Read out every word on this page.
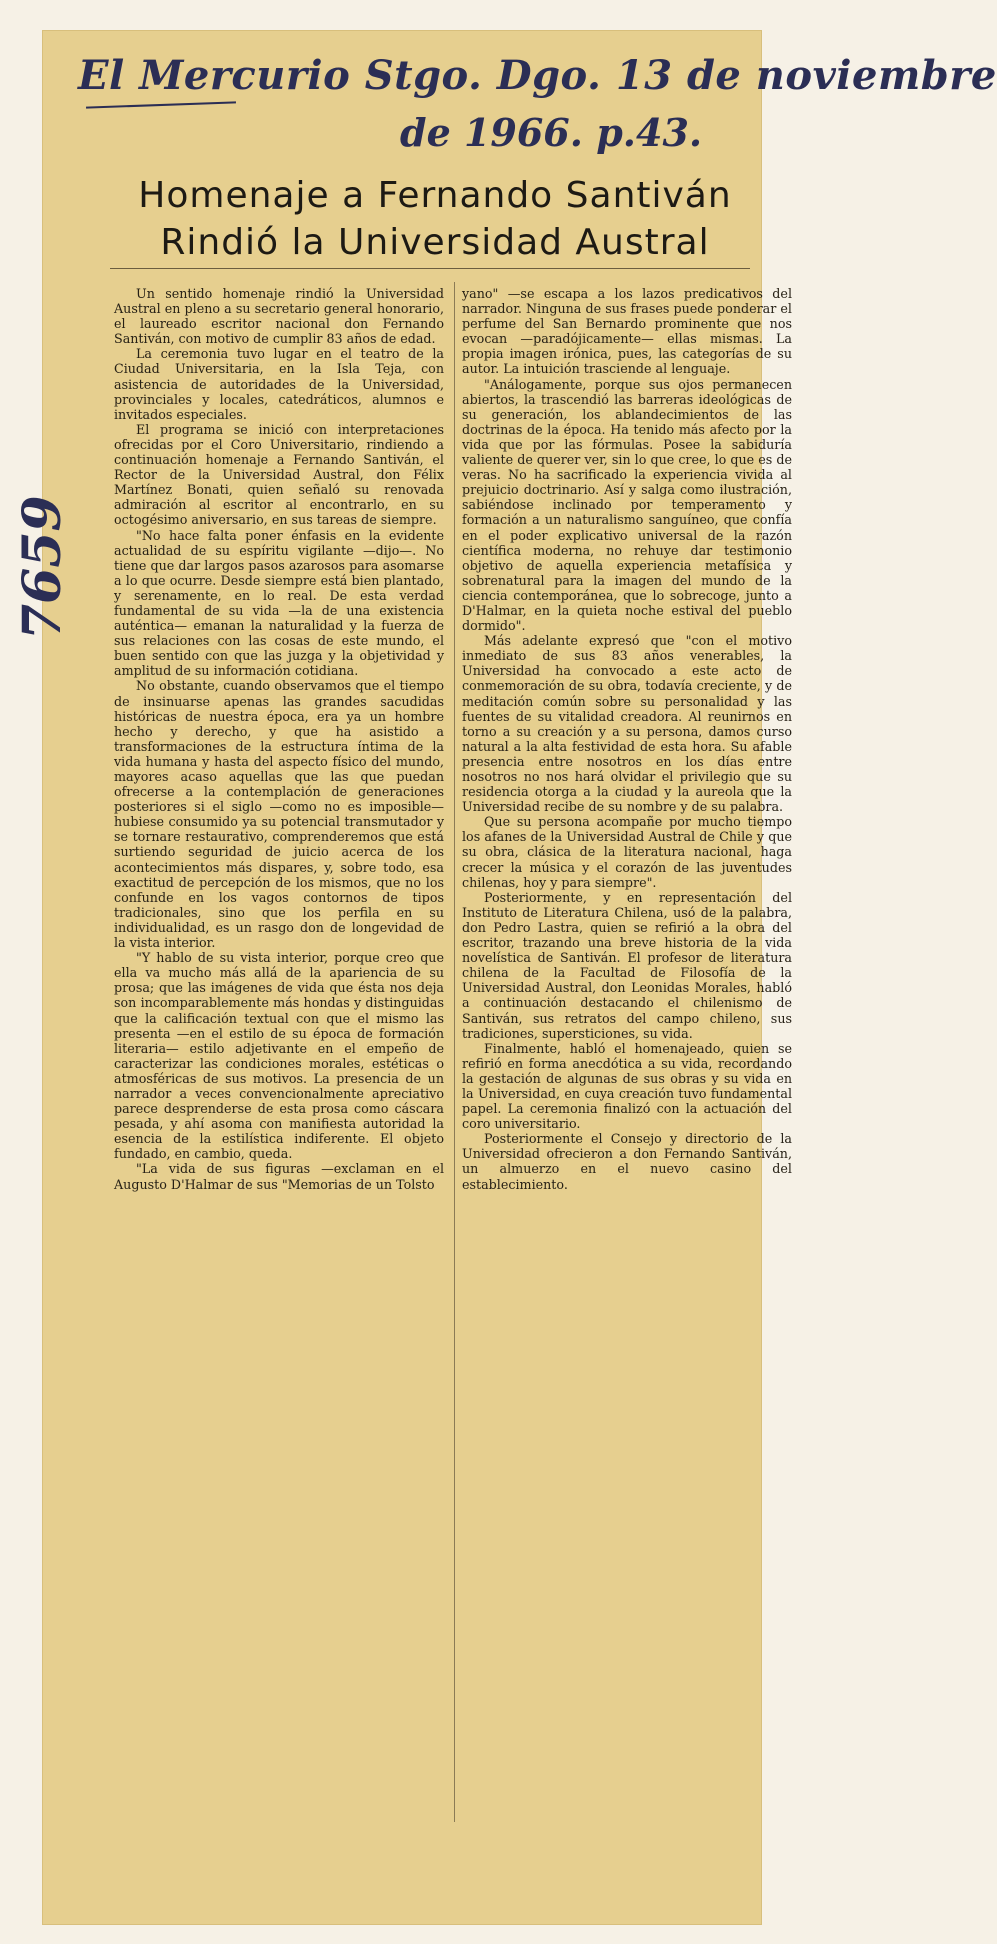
El Mercurio Stgo. Dgo. 13 de noviembre
de 1966. p.43.
7659
Homenaje a Fernando Santiván
Rindió la Universidad Austral

Un sentido homenaje rindió la Universidad Austral en pleno a su secretario general honorario, el laureado escritor nacional don Fernando Santiván, con motivo de cumplir 83 años de edad.

La ceremonia tuvo lugar en el teatro de la Ciudad Universitaria, en la Isla Teja, con asistencia de autoridades de la Universidad, provinciales y locales, catedráticos, alumnos e invitados especiales.

El programa se inició con interpretaciones ofrecidas por el Coro Universitario, rindiendo a continuación homenaje a Fernando Santiván, el Rector de la Universidad Austral, don Félix Martínez Bonati, quien señaló su renovada admiración al escritor al encontrarlo, en su octogésimo aniversario, en sus tareas de siempre.

"No hace falta poner énfasis en la evidente actualidad de su espíritu vigilante —dijo—. No tiene que dar largos pasos azarosos para asomarse a lo que ocurre. Desde siempre está bien plantado, y serenamente, en lo real. De esta verdad fundamental de su vida —la de una existencia auténtica— emanan la naturalidad y la fuerza de sus relaciones con las cosas de este mundo, el buen sentido con que las juzga y la objetividad y amplitud de su información cotidiana.

No obstante, cuando observamos que el tiempo de insinuarse apenas las grandes sacudidas históricas de nuestra época, era ya un hombre hecho y derecho, y que ha asistido a transformaciones de la estructura íntima de la vida humana y hasta del aspecto físico del mundo, mayores acaso aquellas que las que puedan ofrecerse a la contemplación de generaciones posteriores si el siglo —como no es imposible— hubiese consumido ya su potencial transmutador y se tornare restaurativo, comprenderemos que está surtiendo seguridad de juicio acerca de los acontecimientos más dispares, y, sobre todo, esa exactitud de percepción de los mismos, que no los confunde en los vagos contornos de tipos tradicionales, sino que los perfila en su individualidad, es un rasgo don de longevidad de la vista interior.

"Y hablo de su vista interior, porque creo que ella va mucho más allá de la apariencia de su prosa; que las imágenes de vida que ésta nos deja son incomparablemente más hondas y distinguidas que la calificación textual con que el mismo las presenta —en el estilo de su época de formación literaria— estilo adjetivante en el empeño de caracterizar las condiciones morales, estéticas o atmosféricas de sus motivos. La presencia de un narrador a veces convencionalmente apreciativo parece desprenderse de esta prosa como cáscara pesada, y ahí asoma con manifiesta autoridad la esencia de la estilística indiferente. El objeto fundado, en cambio, queda.

"La vida de sus figuras —exclaman en el Augusto D'Halmar de sus "Memorias de un Tolsto

yano" —se escapa a los lazos predicativos del narrador. Ninguna de sus frases puede ponderar el perfume del San Bernardo prominente que nos evocan —paradójicamente— ellas mismas. La propia imagen irónica, pues, las categorías de su autor. La intuición trasciende al lenguaje.

"Análogamente, porque sus ojos permanecen abiertos, la trascendió las barreras ideológicas de su generación, los ablandecimientos de las doctrinas de la época. Ha tenido más afecto por la vida que por las fórmulas. Posee la sabiduría valiente de querer ver, sin lo que cree, lo que es de veras. No ha sacrificado la experiencia vivida al prejuicio doctrinario. Así y salga como ilustración, sabiéndose inclinado por temperamento y formación a un naturalismo sanguíneo, que confía en el poder explicativo universal de la razón científica moderna, no rehuye dar testimonio objetivo de aquella experiencia metafísica y sobrenatural para la imagen del mundo de la ciencia contemporánea, que lo sobrecoge, junto a D'Halmar, en la quieta noche estival del pueblo dormido".

Más adelante expresó que "con el motivo inmediato de sus 83 años venerables, la Universidad ha convocado a este acto de conmemoración de su obra, todavía creciente, y de meditación común sobre su personalidad y las fuentes de su vitalidad creadora. Al reunirnos en torno a su creación y a su persona, damos curso natural a la alta festividad de esta hora. Su afable presencia entre nosotros en los días entre nosotros no nos hará olvidar el privilegio que su residencia otorga a la ciudad y la aureola que la Universidad recibe de su nombre y de su palabra.

Que su persona acompañe por mucho tiempo los afanes de la Universidad Austral de Chile y que su obra, clásica de la literatura nacional, haga crecer la música y el corazón de las juventudes chilenas, hoy y para siempre".

Posteriormente, y en representación del Instituto de Literatura Chilena, usó de la palabra, don Pedro Lastra, quien se refirió a la obra del escritor, trazando una breve historia de la vida novelística de Santiván. El profesor de literatura chilena de la Facultad de Filosofía de la Universidad Austral, don Leonidas Morales, habló a continuación destacando el chilenismo de Santiván, sus retratos del campo chileno, sus tradiciones, supersticiones, su vida.

Finalmente, habló el homenajeado, quien se refirió en forma anecdótica a su vida, recordando la gestación de algunas de sus obras y su vida en la Universidad, en cuya creación tuvo fundamental papel. La ceremonia finalizó con la actuación del coro universitario.

Posteriormente el Consejo y directorio de la Universidad ofrecieron a don Fernando Santiván, un almuerzo en el nuevo casino del establecimiento.
